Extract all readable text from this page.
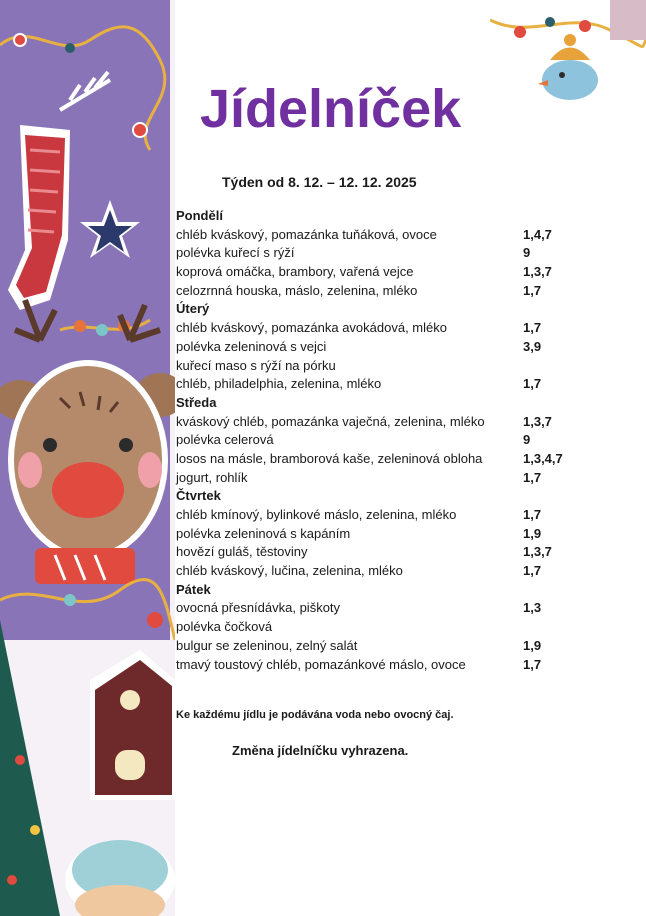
Jídelníček
Týden od 8. 12. – 12. 12. 2025
Pondělí
chléb kváskový, pomazánka tuňáková, ovoce	1,4,7
polévka kuřecí s rýží	9
koprová omáčka, brambory, vařená vejce	1,3,7
celozrnná houska, máslo, zelenina, mléko	1,7
Úterý
chléb kváskový, pomazánka avokádová, mléko	1,7
polévka zeleninová s vejci	3,9
kuřecí maso s rýží na pórku
chléb, philadelphia, zelenina, mléko	1,7
Středa
kváskový chléb, pomazánka vaječná, zelenina, mléko	1,3,7
polévka celerová	9
losos na másle, bramborová kaše, zeleninová obloha	1,3,4,7
jogurt, rohlík	1,7
Čtvrtek
chléb kmínový, bylinkové máslo, zelenina, mléko	1,7
polévka zeleninová s kapáním	1,9
hovězí guláš, těstoviny	1,3,7
chléb kváskový, lučina, zelenina, mléko	1,7
Pátek
ovocná přesnídávka, piškoty	1,3
polévka čočková
bulgur se zeleninou, zelný salát	1,9
tmavý toustový chléb, pomazánkové máslo, ovoce	1,7
Ke každému jídlu je podávána voda nebo ovocný čaj.
Změna jídelníčku vyhrazena.
